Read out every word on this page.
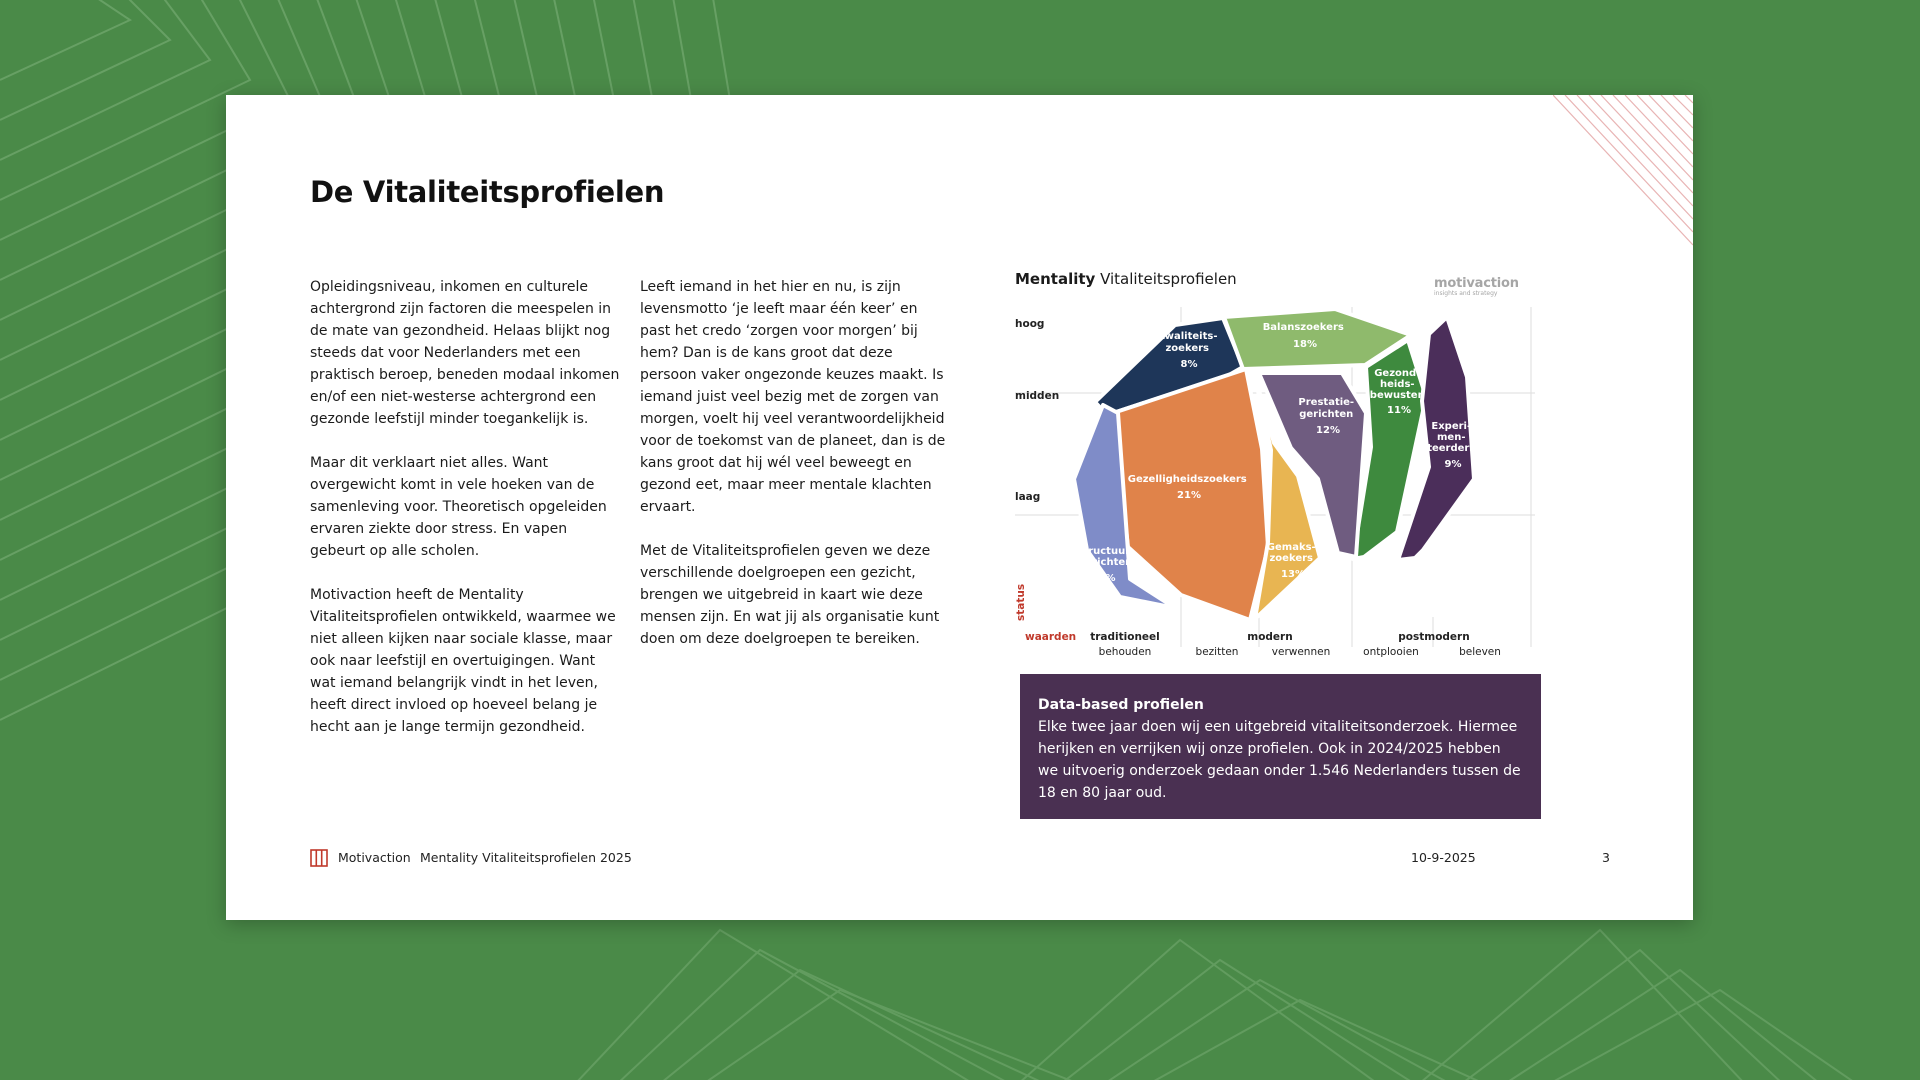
De Vitaliteitsprofielen

Opleidingsniveau, inkomen en culturele achtergrond zijn factoren die meespelen in de mate van gezondheid. Helaas blijkt nog steeds dat voor Nederlanders met een praktisch beroep, beneden modaal inkomen en/of een niet-westerse achtergrond een gezonde leefstijl minder toegankelijk is.

Maar dit verklaart niet alles. Want overgewicht komt in vele hoeken van de samenleving voor. Theoretisch opgeleiden ervaren ziekte door stress. En vapen gebeurt op alle scholen.

Motivaction heeft de Mentality Vitaliteitsprofielen ontwikkeld, waarmee we niet alleen kijken naar sociale klasse, maar ook naar leefstijl en overtuigingen. Want wat iemand belangrijk vindt in het leven, heeft direct invloed op hoeveel belang je hecht aan je lange termijn gezondheid.

Leeft iemand in het hier en nu, is zijn levensmotto ‘je leeft maar één keer’ en past het credo ‘zorgen voor morgen’ bij hem? Dan is de kans groot dat deze persoon vaker ongezonde keuzes maakt. Is iemand juist veel bezig met de zorgen van morgen, voelt hij veel verantwoordelijkheid voor de toekomst van de planeet, dan is de kans groot dat hij wél veel beweegt en gezond eet, maar meer mentale klachten ervaart.

Met de Vitaliteitsprofielen geven we deze verschillende doelgroepen een gezicht, brengen we uitgebreid in kaart wie deze mensen zijn. En wat jij als organisatie kunt doen om deze doelgroepen te bereiken.

Kwaliteits- zoekers 8%
Balanszoekers 18%
Gezond- heids- bewusten 11%
Prestatie- gerichten 12%	Experi- men- teerders 9%
Gezelligheidszoekers 21%
Gemaks- zoekers 13%
Structuur- gerichten 8%
hoog
midden
laag
status
waarden traditioneel
behouden
modern
bezitten	verwennen
postmodern
ontplooien	beleven
Mentality Vitaliteitsprofielen	motivaction
insights and strategy
Data-based profielen
Elke twee jaar doen wij een uitgebreid vitaliteitsonderzoek. Hiermee herijken en verrijken wij onze profielen. Ook in 2024/2025 hebben we uitvoerig onderzoek gedaan onder 1.546 Nederlanders tussen de 18 en 80 jaar oud.
Motivaction Mentality Vitaliteitsprofielen 2025	10-9-2025	3
